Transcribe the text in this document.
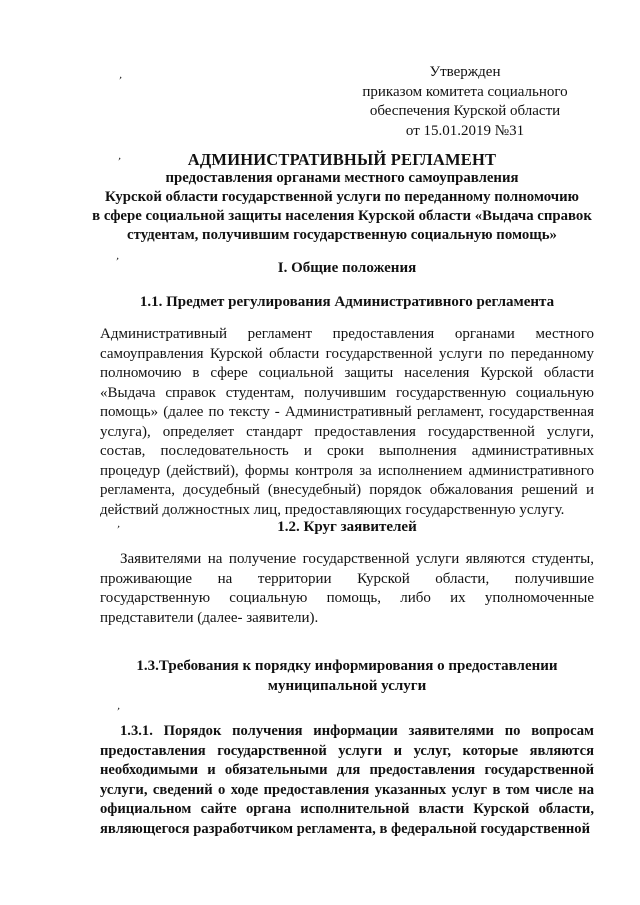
Утвержден
приказом комитета социального
обеспечения Курской области
от 15.01.2019 №31
АДМИНИСТРАТИВНЫЙ РЕГЛАМЕНТ
предоставления органами местного самоуправления
Курской области государственной услуги по переданному полномочию
в сфере социальной защиты населения Курской области «Выдача справок
студентам, получившим государственную социальную помощь»
I. Общие положения
1.1. Предмет регулирования Административного регламента
Административный регламент предоставления органами местного самоуправления Курской области государственной услуги по переданному полномочию в сфере социальной защиты населения Курской области «Выдача справок студентам, получившим государственную социальную помощь» (далее по тексту - Административный регламент, государственная услуга), определяет стандарт предоставления государственной услуги, состав, последовательность и сроки выполнения административных процедур (действий), формы контроля за исполнением административного регламента, досудебный (внесудебный) порядок обжалования решений и действий должностных лиц, предоставляющих государственную услугу.
1.2. Круг заявителей
Заявителями на получение государственной услуги являются студенты, проживающие на территории Курской области, получившие государственную социальную помощь, либо их уполномоченные представители (далее- заявители).
1.3.Требования к порядку информирования о предоставлении
муниципальной услуги
1.3.1. Порядок получения информации заявителями по вопросам предоставления государственной услуги и услуг, которые являются необходимыми и обязательными для предоставления государственной услуги, сведений о ходе предоставления указанных услуг в том числе на официальном сайте органа исполнительной власти Курской области, являющегося разработчиком регламента, в федеральной государственной
,
,
,
,
,
